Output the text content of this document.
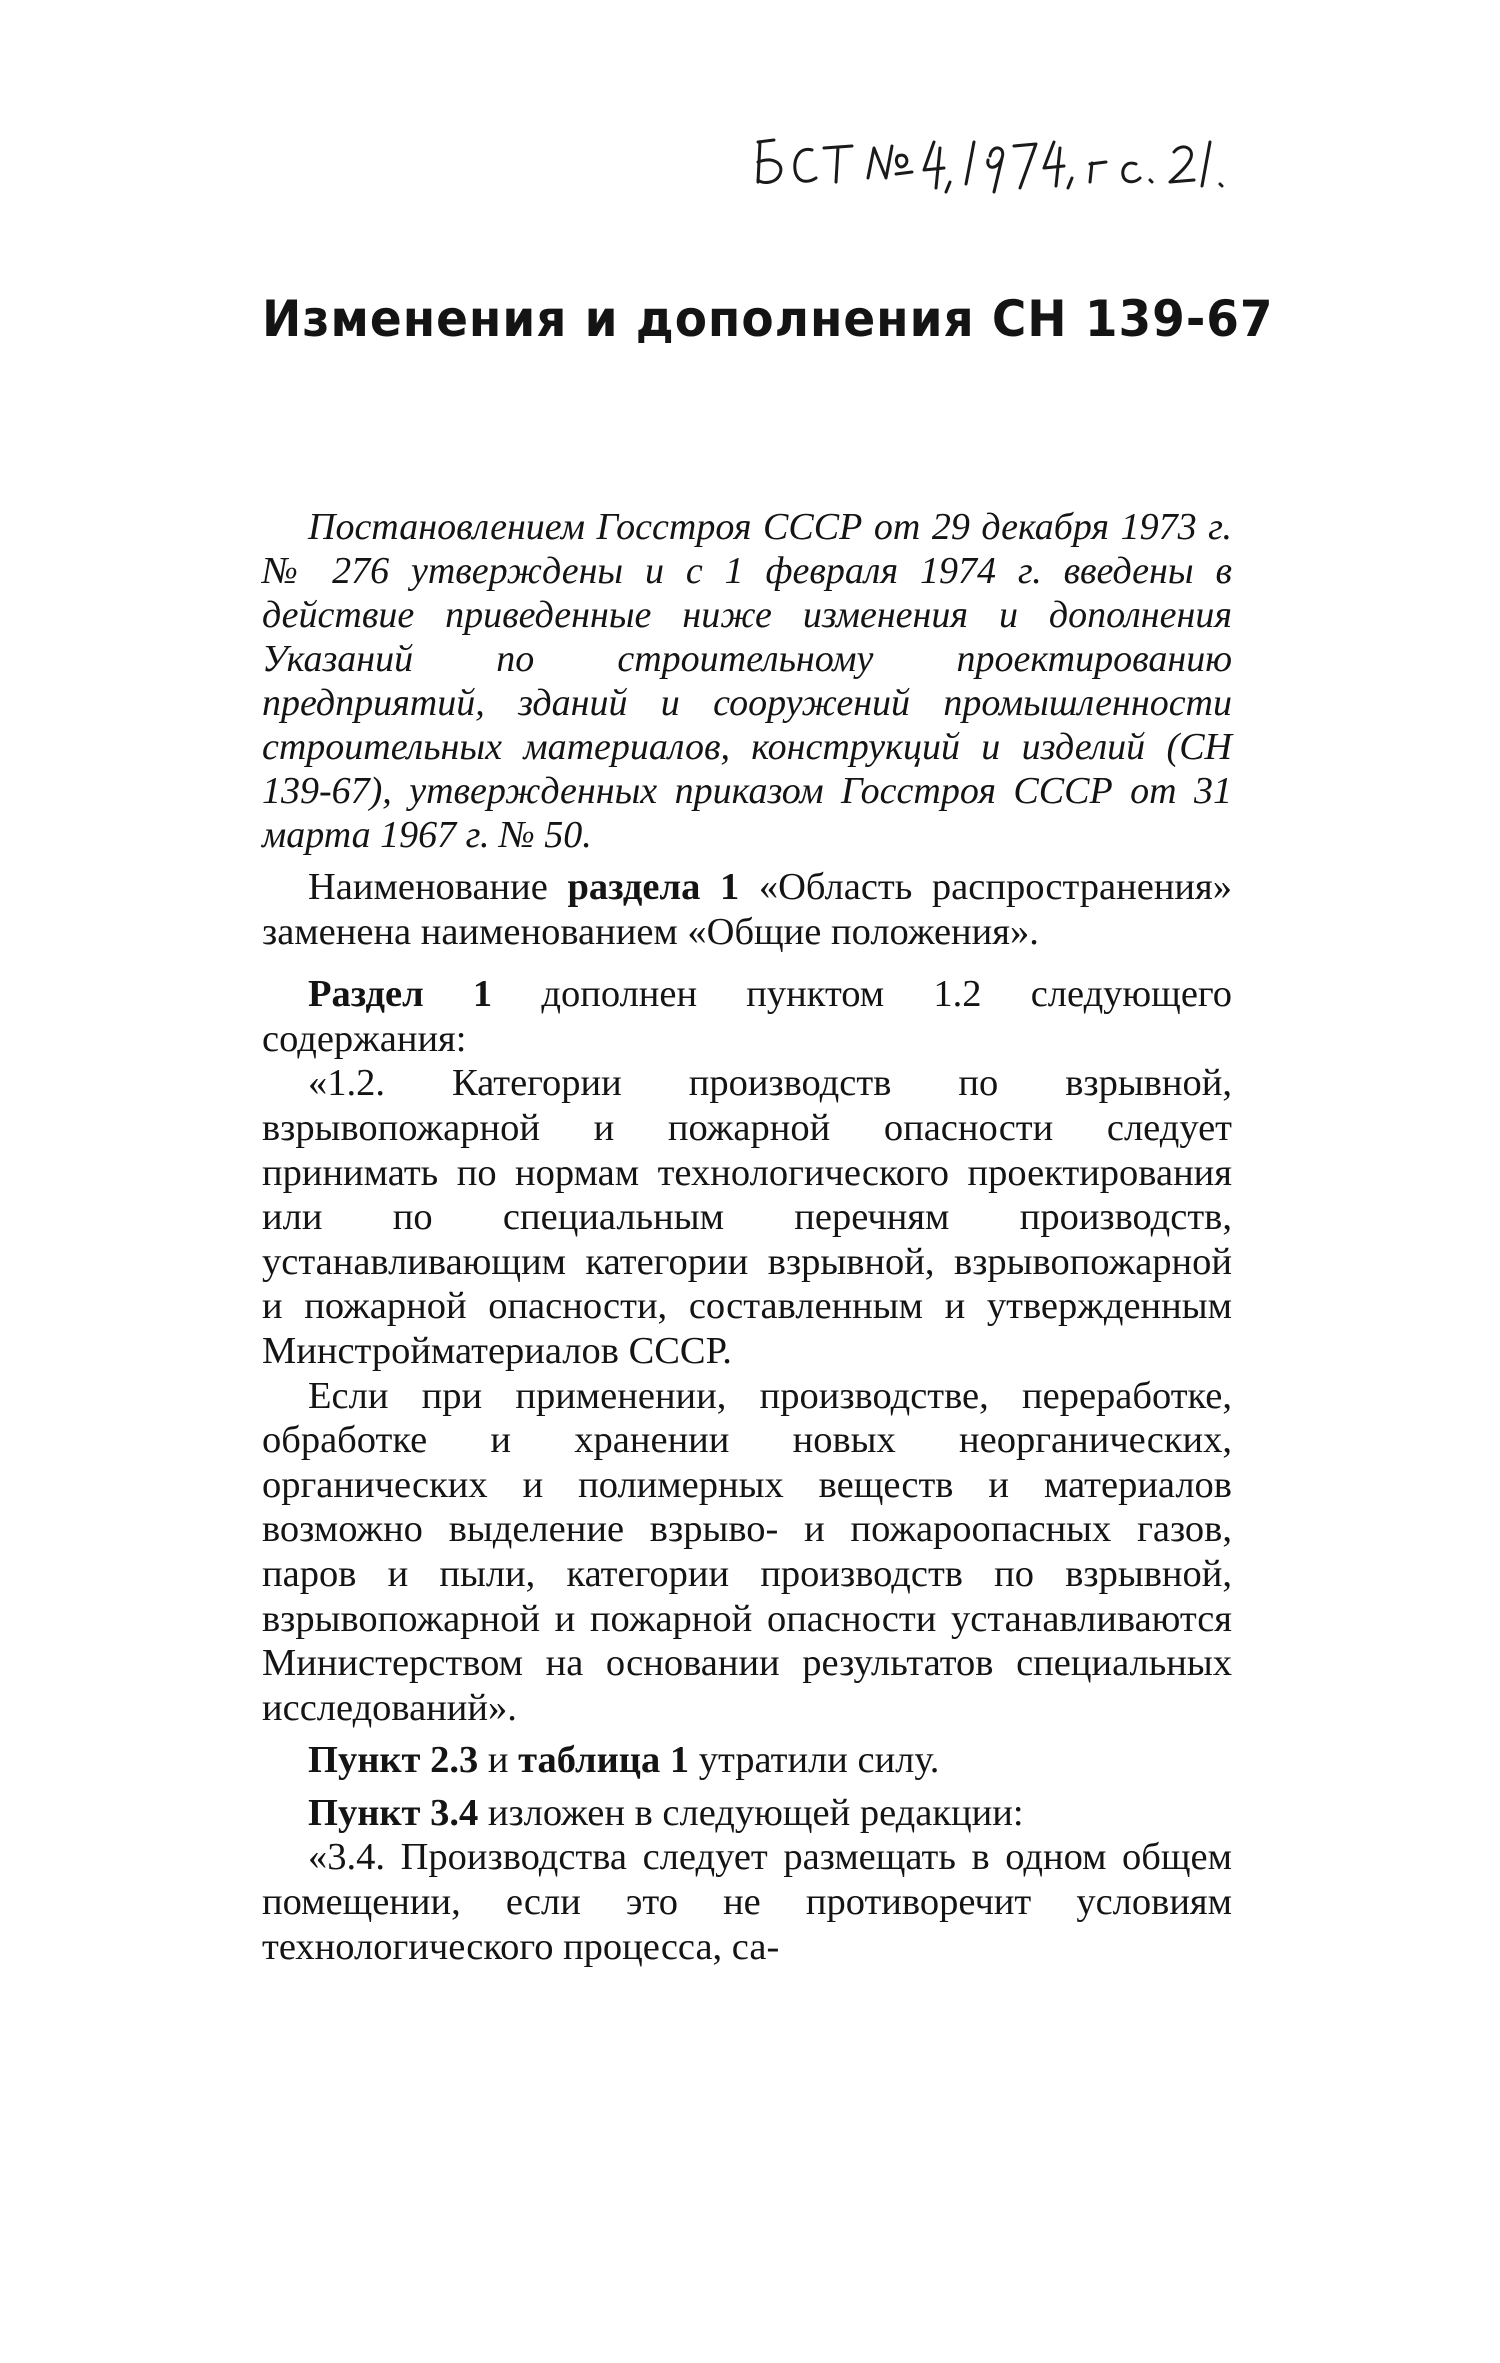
Изменения и дополнения СН 139-67

Постановлением Госстроя СССР от 29 декабря 1973 г. № 276 утверждены и с 1 февраля 1974 г. введены в действие приведенные ниже изменения и дополнения Указаний по строительному проектированию предприятий, зданий и сооружений промышленности строительных материалов, конструкций и изделий (СН 139-67), утвержденных приказом Госстроя СССР от 31 марта 1967 г. № 50.

Наименование раздела 1 «Область распространения» заменена наименованием «Общие положения».

Раздел 1 дополнен пунктом 1.2 следующего содержания:

«1.2. Категории производств по взрывной, взрывопожарной и пожарной опасности следует принимать по нормам технологического проектирования или по специальным перечням производств, устанавливающим категории взрывной, взрывопожарной и пожарной опасности, составленным и утвержденным Минстройматериалов СССР.

Если при применении, производстве, переработке, обработке и хранении новых неорганических, органических и полимерных веществ и материалов возможно выделение взрыво- и пожароопасных газов, паров и пыли, категории производств по взрывной, взрывопожарной и пожарной опасности устанавливаются Министерством на основании результатов специальных исследований».

Пункт 2.3 и таблица 1 утратили силу.

Пункт 3.4 изложен в следующей редакции:

«3.4. Производства следует размещать в одном общем помещении, если это не противоречит условиям технологического процесса, са-
